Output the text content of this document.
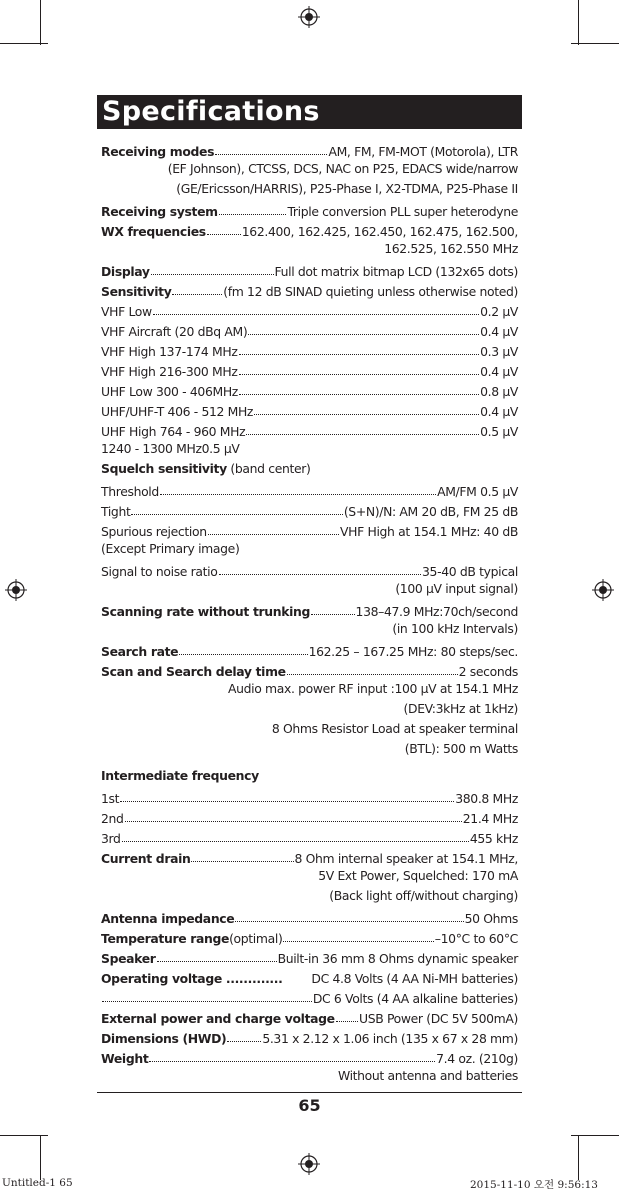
Specifications
Receiving modes	AM, FM, FM-MOT (Motorola), LTR
(EF Johnson), CTCSS, DCS, NAC on P25, EDACS wide/narrow
(GE/Ericsson/HARRIS), P25-Phase I, X2-TDMA, P25-Phase II
Receiving system	Triple conversion PLL super heterodyne
WX frequencies	162.400, 162.425, 162.450, 162.475, 162.500,
162.525, 162.550 MHz
Display	Full dot matrix bitmap LCD (132x65 dots)
Sensitivity	(fm 12 dB SINAD quieting unless otherwise noted)
VHF Low	0.2 μV
VHF Aircraft (20 dBq AM)	0.4 μV
VHF High 137-174 MHz	0.3 μV
VHF High 216-300 MHz	0.4 μV
UHF Low 300 - 406MHz	0.8 μV
UHF/UHF-T 406 - 512 MHz	0.4 μV
UHF High 764 - 960 MHz	0.5 μV
1240 - 1300 MHz0.5 μV
Squelch sensitivity (band center)
Threshold	AM/FM 0.5 μV
Tight	(S+N)/N: AM 20 dB, FM 25 dB
Spurious rejection	VHF High at 154.1 MHz: 40 dB
(Except Primary image)
Signal to noise ratio	35-40 dB typical
(100 μV input signal)
Scanning rate without trunking	138–47.9 MHz:70ch/second
(in 100 kHz Intervals)
Search rate	162.25 – 167.25 MHz: 80 steps/sec.
Scan and Search delay time	2 seconds
Audio max. power RF input :100 μV at 154.1 MHz
(DEV:3kHz at 1kHz)
8 Ohms Resistor Load at speaker terminal
(BTL): 500 m Watts
Intermediate frequency
1st	380.8 MHz
2nd	21.4 MHz
3rd	455 kHz
Current drain	8 Ohm internal speaker at 154.1 MHz,
5V Ext Power, Squelched: 170 mA
(Back light off/without charging)
Antenna impedance	50 Ohms
Temperature range (optimal)	–10°C to 60°C
Speaker	Built-in 36 mm 8 Ohms dynamic speaker
Operating voltage ............. DC 4.8 Volts (4 AA Ni-MH batteries)
DC 6 Volts (4 AA alkaline batteries)
External power and charge voltage USB Power (DC 5V 500mA)
Dimensions (HWD)	5.31 x 2.12 x 1.06 inch (135 x 67 x 28 mm)
Weight	7.4 oz. (210g)
Without antenna and batteries
65
Untitled-1 65	2015-11-10 오전 9:56:13
